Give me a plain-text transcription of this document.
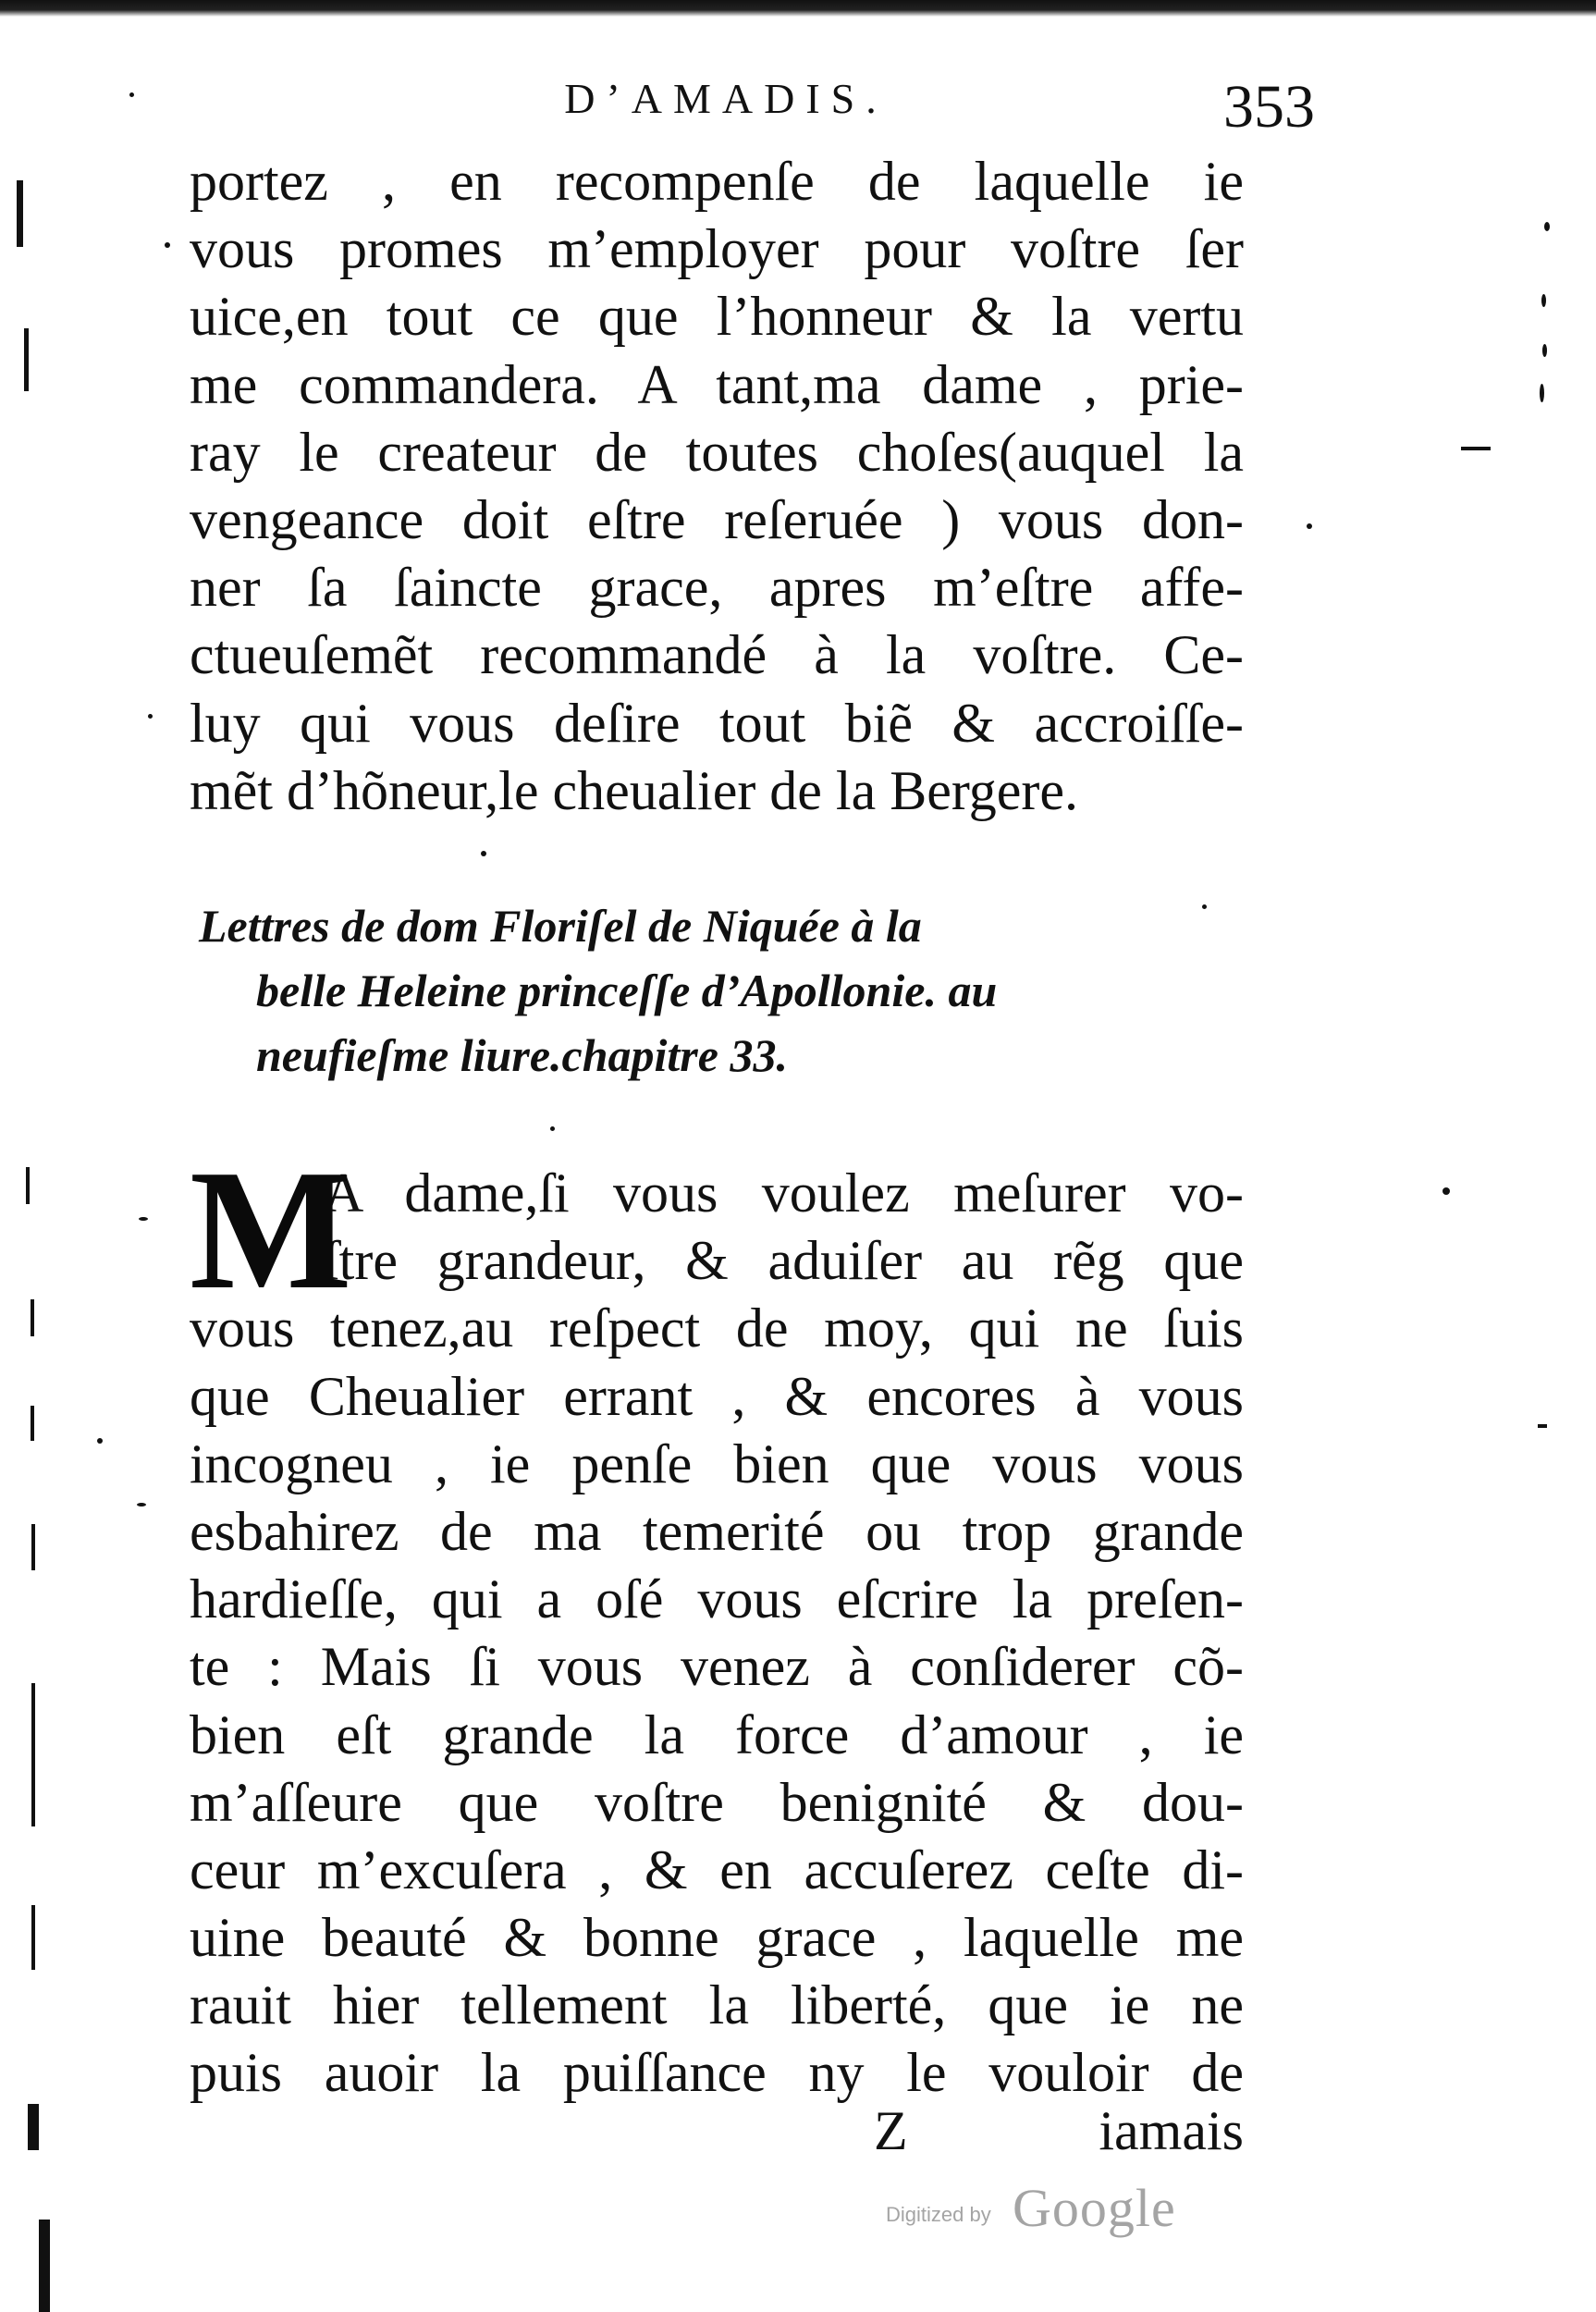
D’AMADIS.	353
portez , en recompenſe de laquelle ie
vous promes m’employer pour voſtre ſer
uice,en tout ce que l’honneur & la vertu
me commandera. A tant,ma dame , prie-
ray le createur de toutes choſes(auquel la
vengeance doit eſtre reſeruée ) vous don-
ner ſa ſaincte grace, apres m’eſtre affe-
ctueuſemẽt recommandé à la voſtre. Ce-
luy qui vous deſire tout biẽ & accroiſſe-
mẽt d’hõneur,le cheualier de la Bergere.
Lettres de dom Floriſel de Niquée à la
belle Heleine princeſſe d’Apollonie. au
neufieſme liure.chapitre 33.
M
A dame,ſi vous voulez meſurer vo-
ſtre grandeur, & aduiſer au rẽg que
vous tenez,au reſpect de moy, qui ne ſuis
que Cheualier errant , & encores à vous
incogneu , ie penſe bien que vous vous
esbahirez de ma temerité ou trop grande
hardieſſe, qui a oſé vous eſcrire la preſen-
te : Mais ſi vous venez à conſiderer cõ-
bien eſt grande la force d’amour , ie
m’aſſeure que voſtre benignité & dou-
ceur m’excuſera , & en accuſerez ceſte di-
uine beauté & bonne grace , laquelle me
rauit hier tellement la liberté, que ie ne
puis auoir la puiſſance ny le vouloir de
Z	iamais
Digitized by Google
